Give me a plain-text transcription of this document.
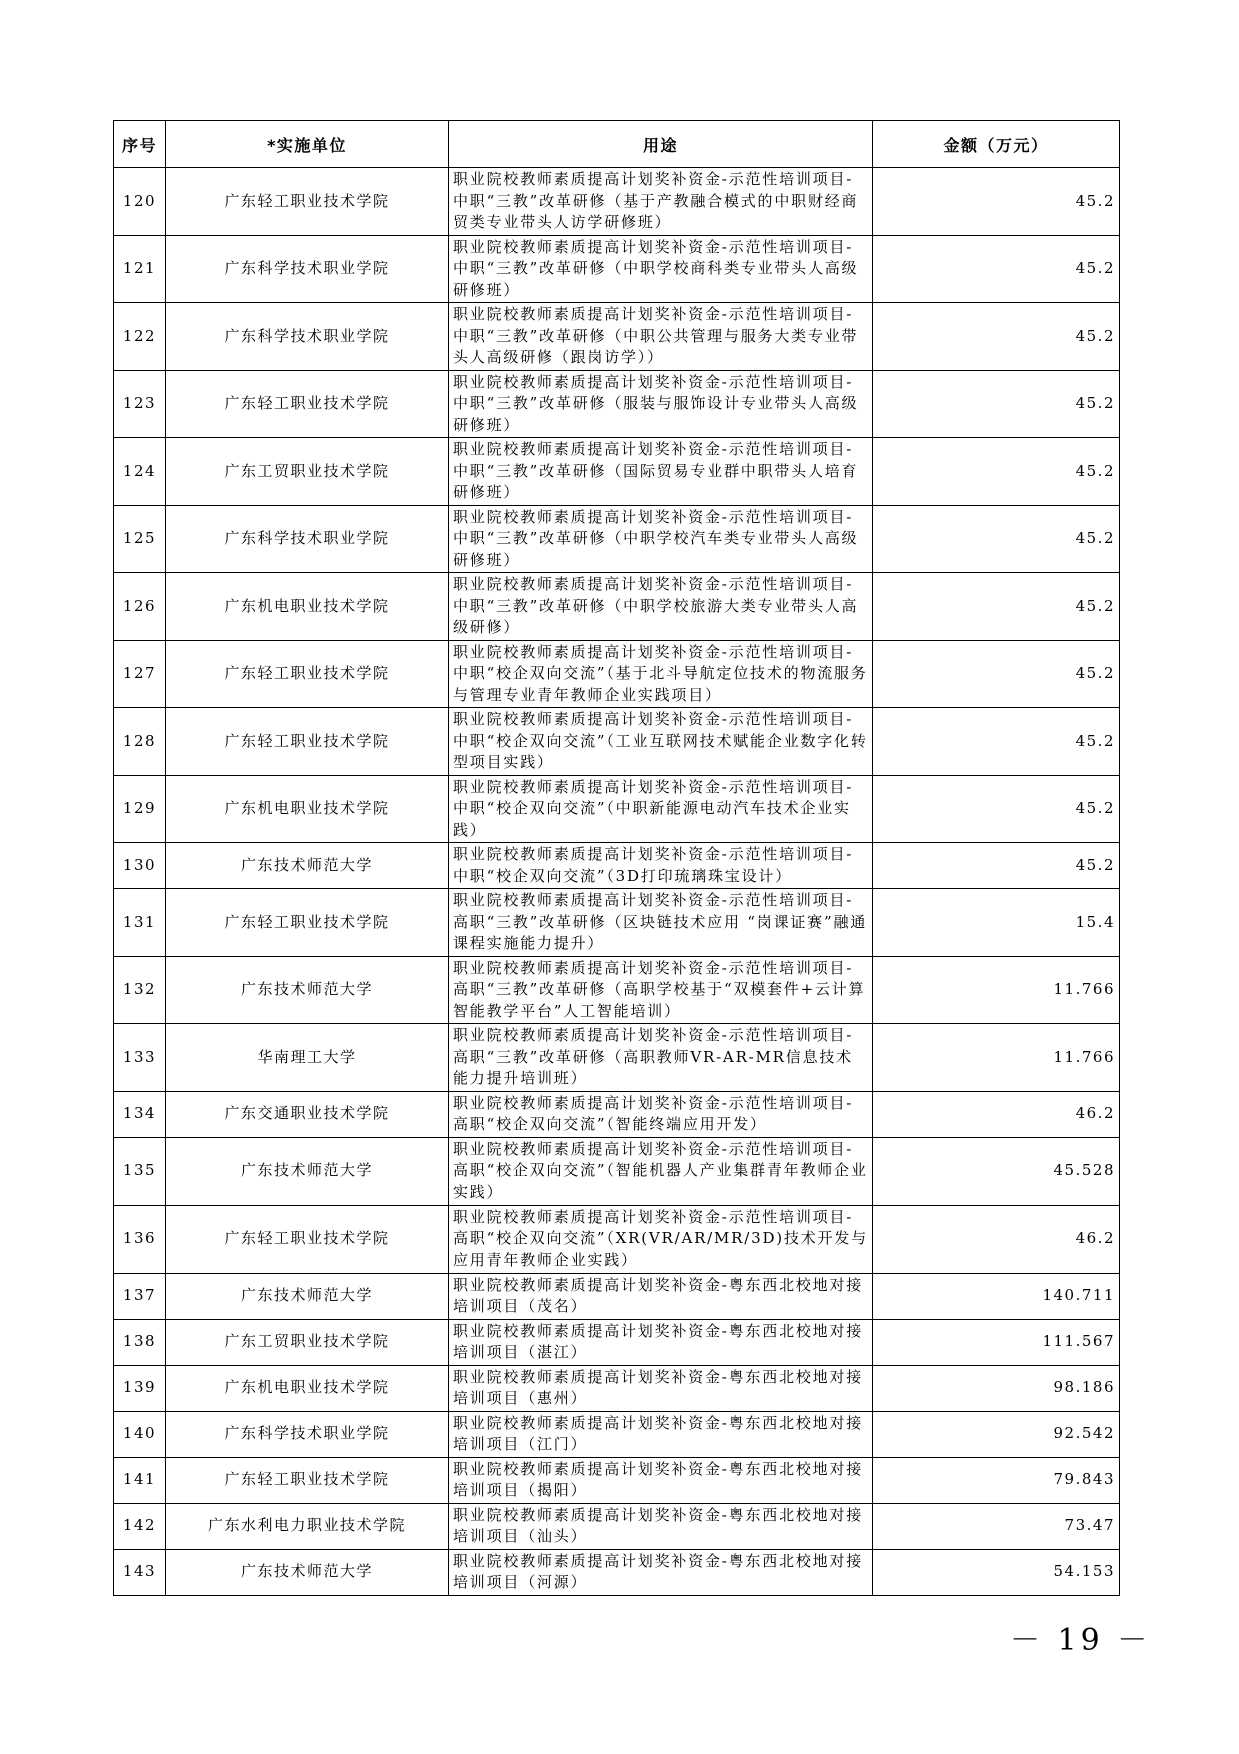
序号	*实施单位	用途	金额（万元）
120	广东轻工职业技术学院	职业院校教师素质提高计划奖补资金-示范性培训项目-中职“三教”改革研修（基于产教融合模式的中职财经商贸类专业带头人访学研修班）	45.2
121	广东科学技术职业学院	职业院校教师素质提高计划奖补资金-示范性培训项目-中职“三教”改革研修（中职学校商科类专业带头人高级研修班）	45.2
122	广东科学技术职业学院	职业院校教师素质提高计划奖补资金-示范性培训项目-中职“三教”改革研修（中职公共管理与服务大类专业带头人高级研修（跟岗访学））	45.2
123	广东轻工职业技术学院	职业院校教师素质提高计划奖补资金-示范性培训项目-中职“三教”改革研修（服装与服饰设计专业带头人高级研修班）	45.2
124	广东工贸职业技术学院	职业院校教师素质提高计划奖补资金-示范性培训项目-中职“三教”改革研修（国际贸易专业群中职带头人培育研修班）	45.2
125	广东科学技术职业学院	职业院校教师素质提高计划奖补资金-示范性培训项目-中职“三教”改革研修（中职学校汽车类专业带头人高级研修班）	45.2
126	广东机电职业技术学院	职业院校教师素质提高计划奖补资金-示范性培训项目-中职“三教”改革研修（中职学校旅游大类专业带头人高级研修）	45.2
127	广东轻工职业技术学院	职业院校教师素质提高计划奖补资金-示范性培训项目-中职“校企双向交流”（基于北斗导航定位技术的物流服务与管理专业青年教师企业实践项目）	45.2
128	广东轻工职业技术学院	职业院校教师素质提高计划奖补资金-示范性培训项目-中职“校企双向交流”（工业互联网技术赋能企业数字化转型项目实践）	45.2
129	广东机电职业技术学院	职业院校教师素质提高计划奖补资金-示范性培训项目-中职“校企双向交流”（中职新能源电动汽车技术企业实践）	45.2
130	广东技术师范大学	职业院校教师素质提高计划奖补资金-示范性培训项目-中职“校企双向交流”（3D打印琉璃珠宝设计）	45.2
131	广东轻工职业技术学院	职业院校教师素质提高计划奖补资金-示范性培训项目-高职“三教”改革研修（区块链技术应用 “岗课证赛”融通课程实施能力提升）	15.4
132	广东技术师范大学	职业院校教师素质提高计划奖补资金-示范性培训项目-高职“三教”改革研修（高职学校基于“双模套件+云计算智能教学平台”人工智能培训）	11.766
133	华南理工大学	职业院校教师素质提高计划奖补资金-示范性培训项目-高职“三教”改革研修（高职教师VR-AR-MR信息技术能力提升培训班）	11.766
134	广东交通职业技术学院	职业院校教师素质提高计划奖补资金-示范性培训项目-高职“校企双向交流”（智能终端应用开发）	46.2
135	广东技术师范大学	职业院校教师素质提高计划奖补资金-示范性培训项目-高职“校企双向交流”（智能机器人产业集群青年教师企业实践）	45.528
136	广东轻工职业技术学院	职业院校教师素质提高计划奖补资金-示范性培训项目-高职“校企双向交流”（XR(VR/AR/MR/3D)技术开发与应用青年教师企业实践）	46.2
137	广东技术师范大学	职业院校教师素质提高计划奖补资金-粤东西北校地对接培训项目（茂名）	140.711
138	广东工贸职业技术学院	职业院校教师素质提高计划奖补资金-粤东西北校地对接培训项目（湛江）	111.567
139	广东机电职业技术学院	职业院校教师素质提高计划奖补资金-粤东西北校地对接培训项目（惠州）	98.186
140	广东科学技术职业学院	职业院校教师素质提高计划奖补资金-粤东西北校地对接培训项目（江门）	92.542
141	广东轻工职业技术学院	职业院校教师素质提高计划奖补资金-粤东西北校地对接培训项目（揭阳）	79.843
142	广东水利电力职业技术学院	职业院校教师素质提高计划奖补资金-粤东西北校地对接培训项目（汕头）	73.47
143	广东技术师范大学	职业院校教师素质提高计划奖补资金-粤东西北校地对接培训项目（河源）	54.153
－ 19 －
